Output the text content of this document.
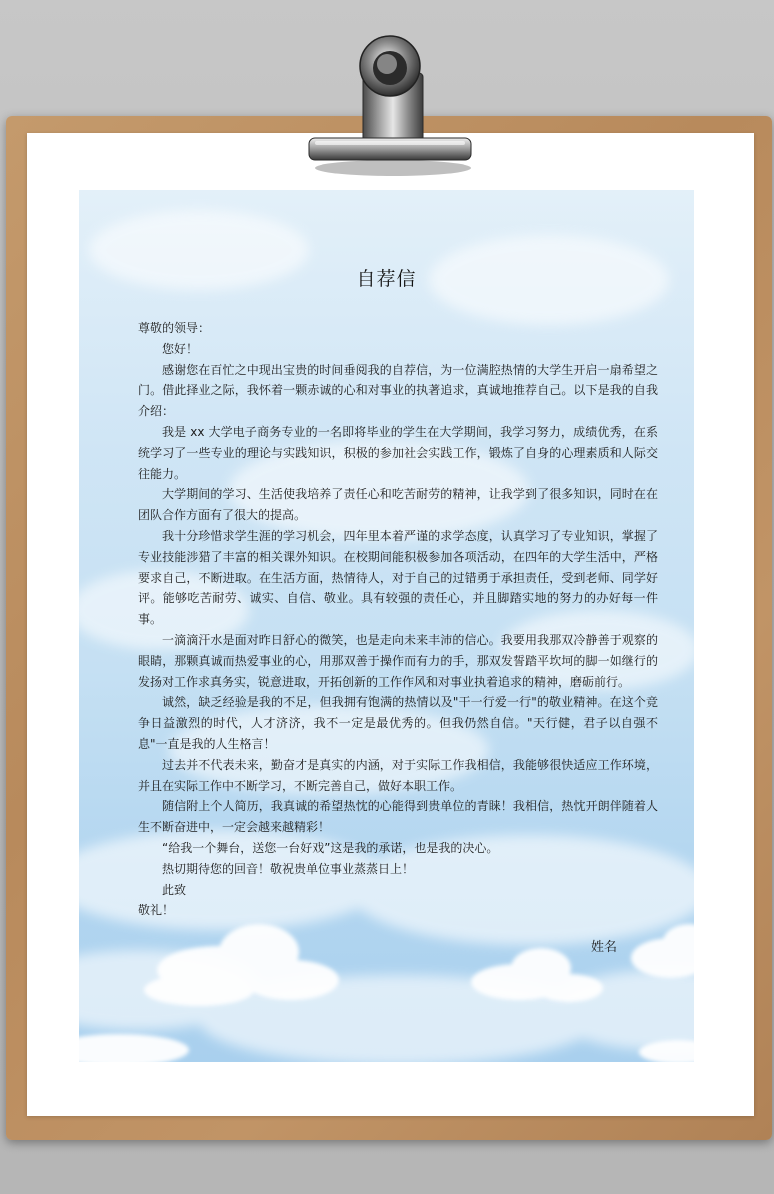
自荐信

尊敬的领导：

您好！

感谢您在百忙之中现出宝贵的时间垂阅我的自荐信，为一位满腔热情的大学生开启一扇希望之门。借此择业之际，我怀着一颗赤诚的心和对事业的执著追求，真诚地推荐自己。以下是我的自我介绍：

我是 xx 大学电子商务专业的一名即将毕业的学生在大学期间，我学习努力，成绩优秀，在系统学习了一些专业的理论与实践知识，积极的参加社会实践工作，锻炼了自身的心理素质和人际交往能力。

大学期间的学习、生活使我培养了责任心和吃苦耐劳的精神，让我学到了很多知识，同时在在团队合作方面有了很大的提高。

我十分珍惜求学生涯的学习机会，四年里本着严谨的求学态度，认真学习了专业知识，掌握了专业技能涉猎了丰富的相关课外知识。在校期间能积极参加各项活动，在四年的大学生活中，严格要求自己，不断进取。在生活方面，热情待人，对于自己的过错勇于承担责任，受到老师、同学好评。能够吃苦耐劳、诚实、自信、敬业。具有较强的责任心，并且脚踏实地的努力的办好每一件事。

一滴滴汗水是面对昨日舒心的微笑，也是走向未来丰沛的信心。我要用我那双冷静善于观察的眼睛，那颗真诚而热爱事业的心，用那双善于操作而有力的手，那双发誓踏平坎坷的脚一如继行的发扬对工作求真务实，锐意进取，开拓创新的工作作风和对事业执着追求的精神，磨砺前行。

诚然，缺乏经验是我的不足，但我拥有饱满的热情以及"干一行爱一行"的敬业精神。在这个竞争日益激烈的时代，人才济济，我不一定是最优秀的。但我仍然自信。"天行健，君子以自强不息"一直是我的人生格言！

过去并不代表未来，勤奋才是真实的内涵，对于实际工作我相信，我能够很快适应工作环境，并且在实际工作中不断学习，不断完善自己，做好本职工作。

随信附上个人简历，我真诚的希望热忱的心能得到贵单位的青睐！我相信，热忱开朗伴随着人生不断奋进中，一定会越来越精彩！

“给我一个舞台，送您一台好戏”这是我的承诺，也是我的决心。

热切期待您的回音！敬祝贵单位事业蒸蒸日上！

此致

敬礼！

姓名
